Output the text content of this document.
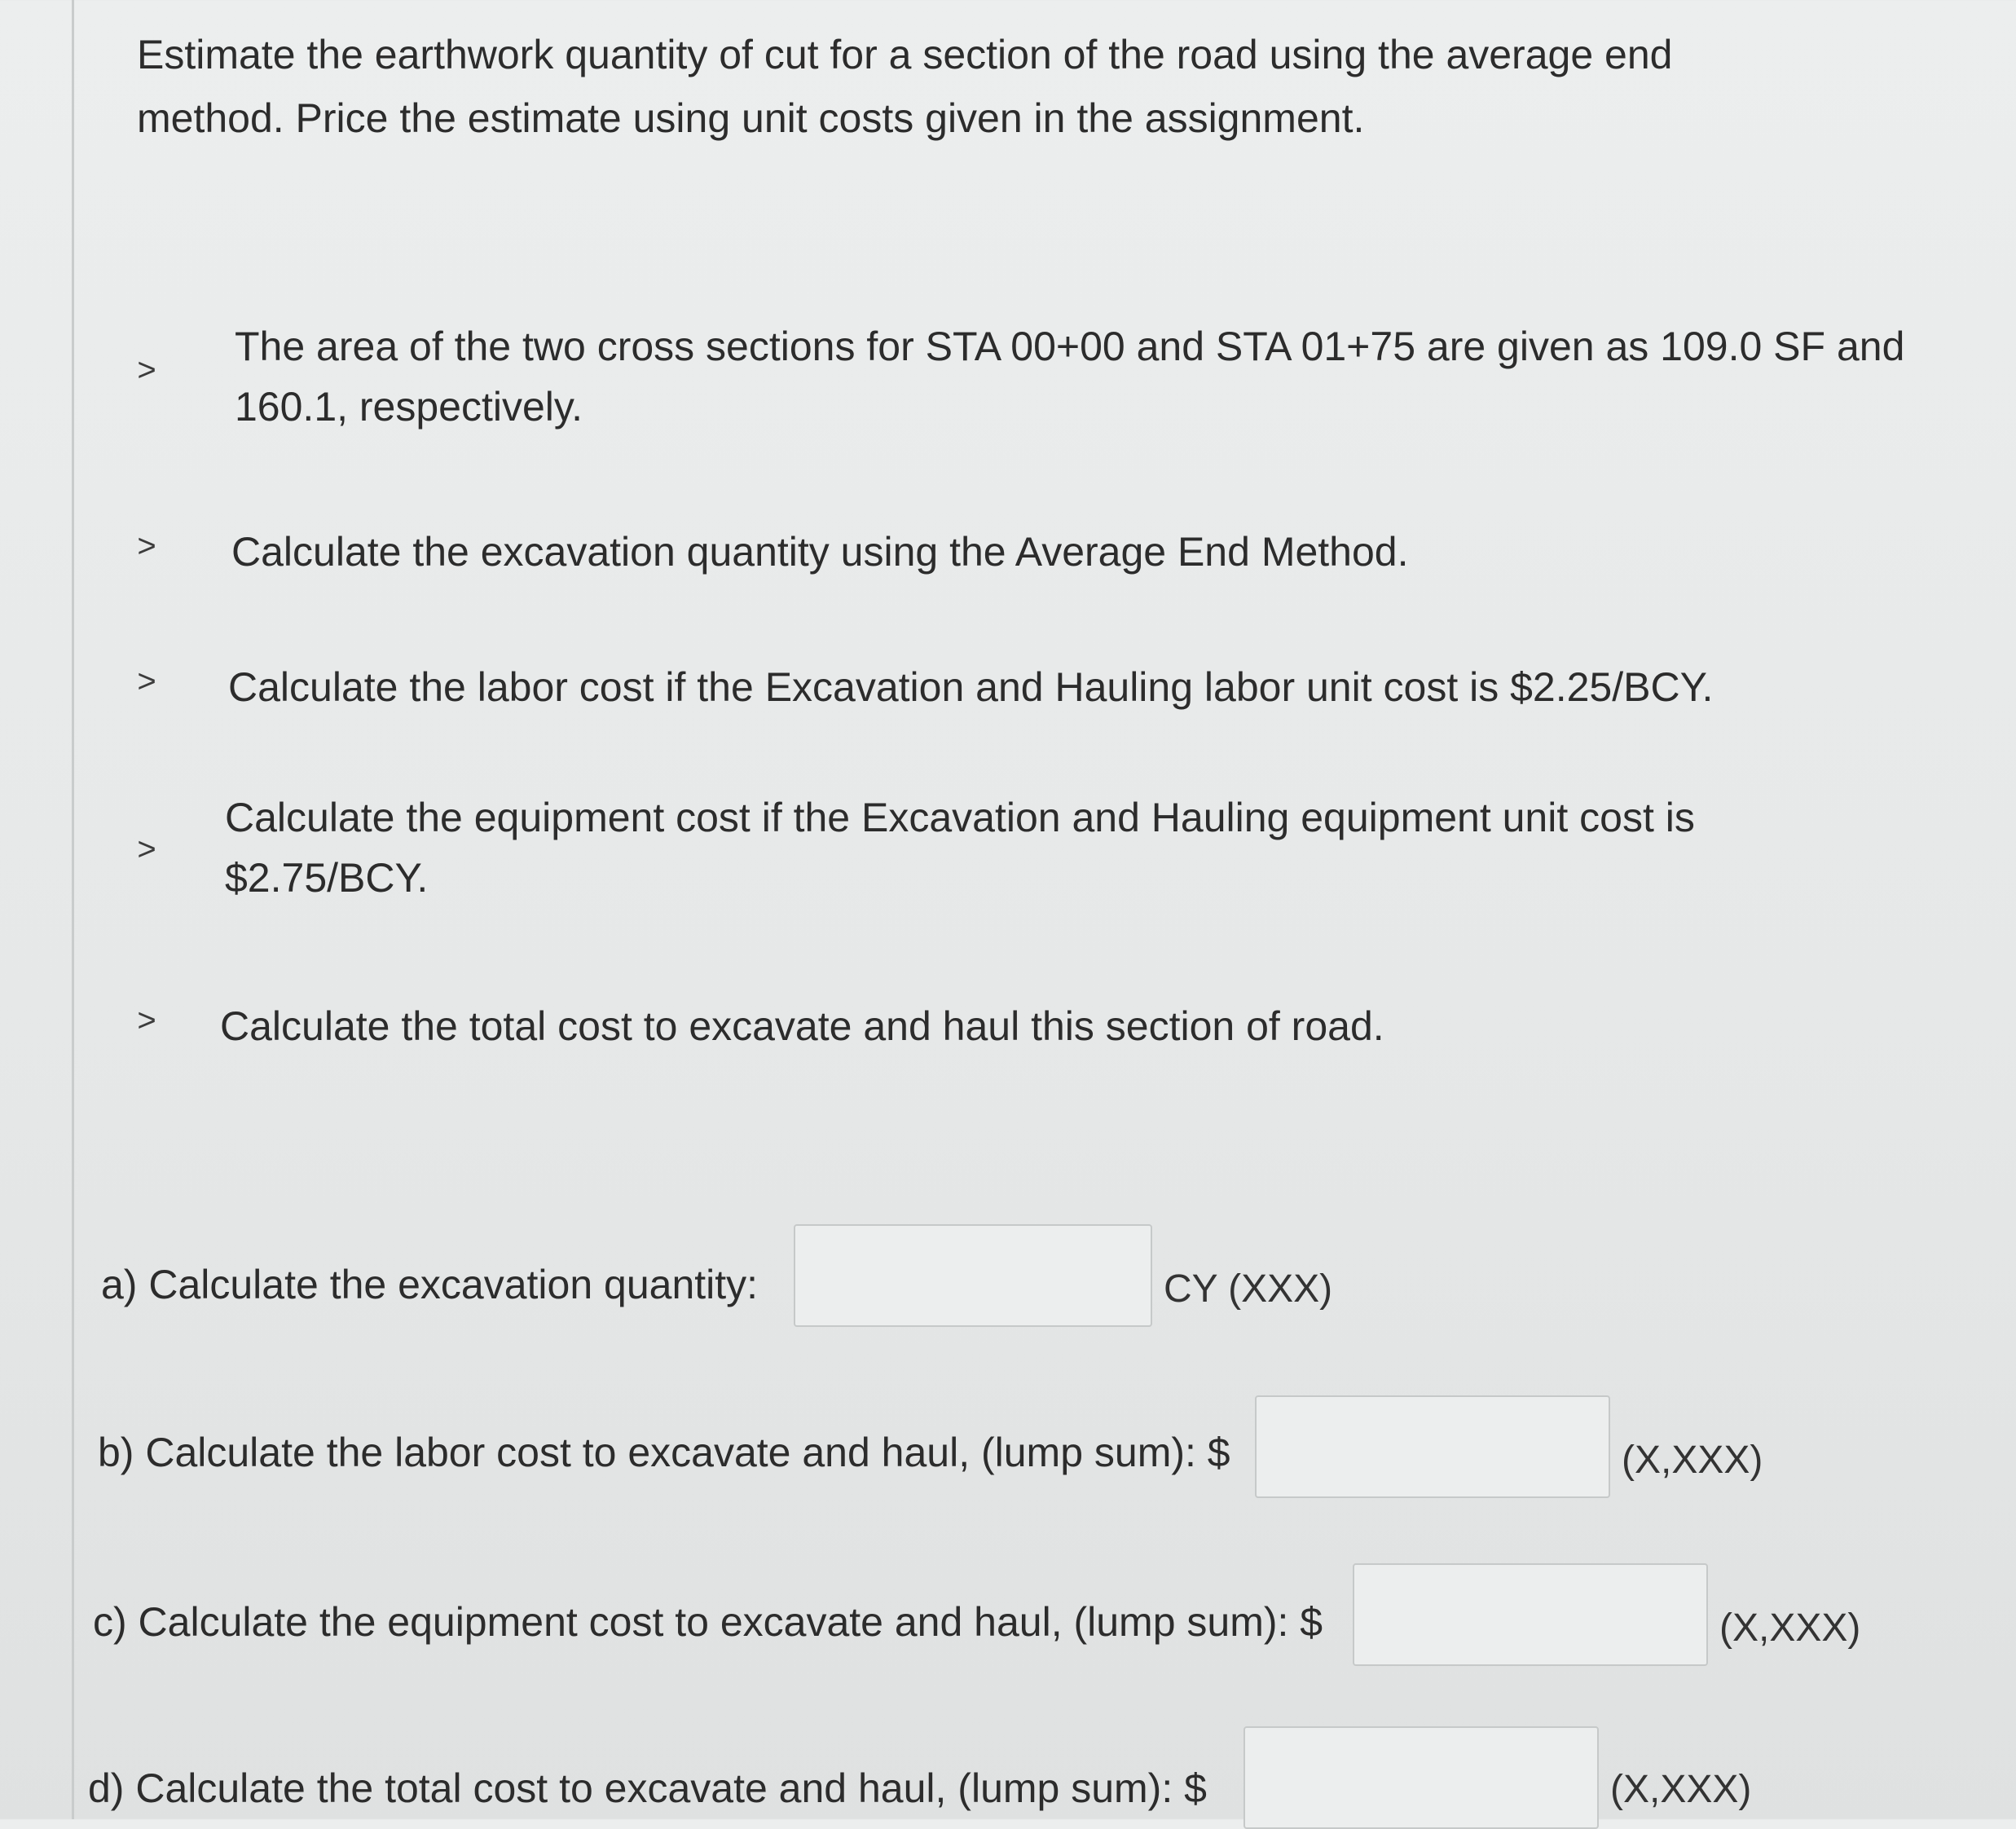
Estimate the earthwork quantity of cut for a section of the road using the average end method. Price the estimate using unit costs given in the assignment.

>
The area of the two cross sections for STA 00+00 and STA 01+75 are given as 109.0 SF and 160.1, respectively.
> Calculate the excavation quantity using the Average End Method.
> Calculate the labor cost if the Excavation and Hauling labor unit cost is $2.25/BCY.
>
Calculate the equipment cost if the Excavation and Hauling equipment unit cost is $2.75/BCY.
> Calculate the total cost to excavate and haul this section of road.
a) Calculate the excavation quantity:	CY (XXX)
b) Calculate the labor cost to excavate and haul, (lump sum): $	(X,XXX)
c) Calculate the equipment cost to excavate and haul, (lump sum): $	(X,XXX)
d) Calculate the total cost to excavate and haul, (lump sum): $	(X,XXX)
